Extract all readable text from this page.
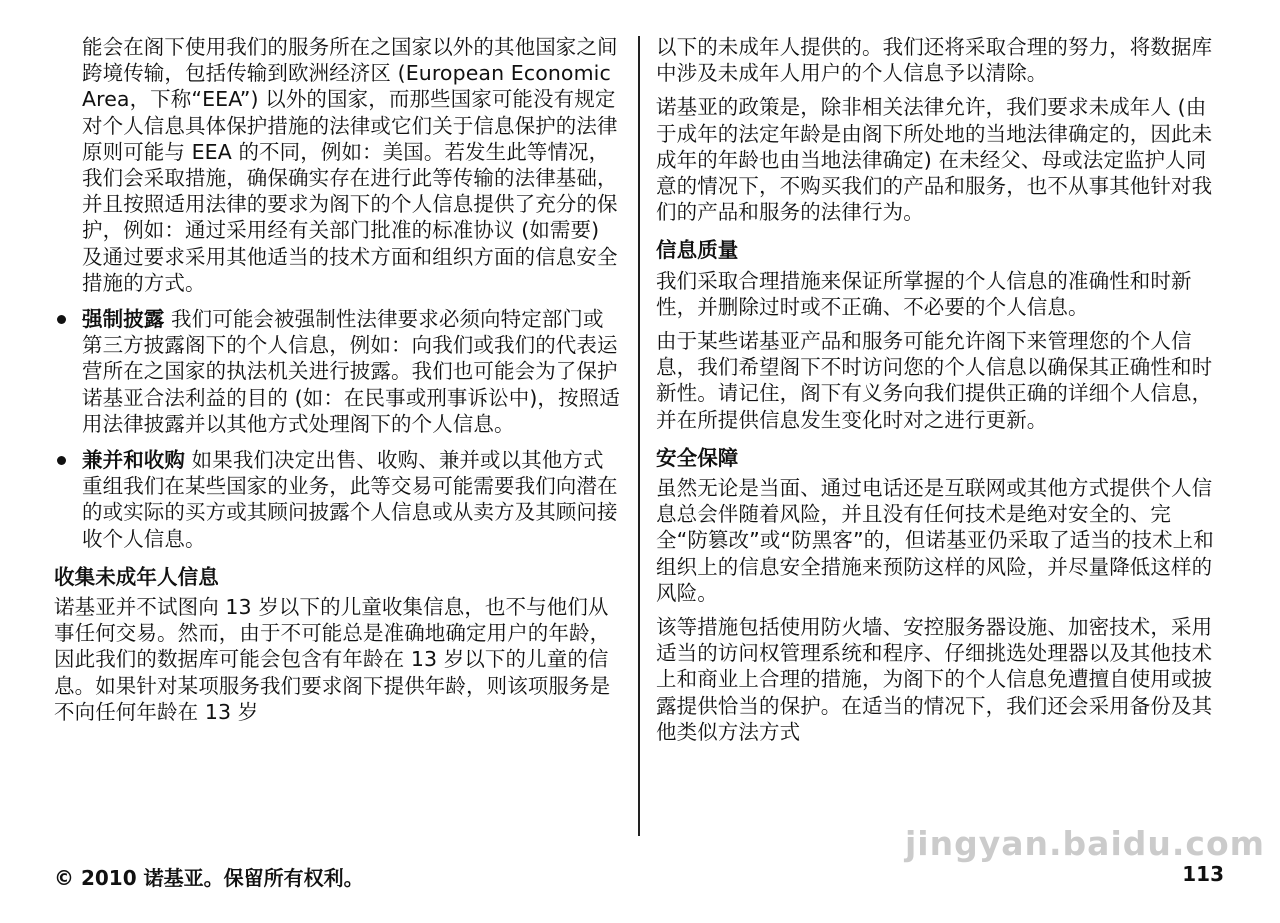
能会在阁下使用我们的服务所在之国家以外的其他国家之间跨境传输，包括传输到欧洲经济区 (European Economic Area，下称“EEA”) 以外的国家，而那些国家可能没有规定对个人信息具体保护措施的法律或它们关于信息保护的法律原则可能与 EEA 的不同，例如：美国。若发生此等情况，我们会采取措施，确保确实存在进行此等传输的法律基础，并且按照适用法律的要求为阁下的个人信息提供了充分的保护，例如：通过采用经有关部门批准的标准协议 (如需要) 及通过要求采用其他适当的技术方面和组织方面的信息安全措施的方式。

强制披露 我们可能会被强制性法律要求必须向特定部门或第三方披露阁下的个人信息，例如：向我们或我们的代表运营所在之国家的执法机关进行披露。我们也可能会为了保护诺基亚合法利益的目的 (如：在民事或刑事诉讼中)，按照适用法律披露并以其他方式处理阁下的个人信息。
兼并和收购 如果我们决定出售、收购、兼并或以其他方式重组我们在某些国家的业务，此等交易可能需要我们向潜在的或实际的买方或其顾问披露个人信息或从卖方及其顾问接收个人信息。
收集未成年人信息

诺基亚并不试图向 13 岁以下的儿童收集信息，也不与他们从事任何交易。然而，由于不可能总是准确地确定用户的年龄，因此我们的数据库可能会包含有年龄在 13 岁以下的儿童的信息。如果针对某项服务我们要求阁下提供年龄，则该项服务是不向任何年龄在 13 岁

以下的未成年人提供的。我们还将采取合理的努力，将数据库中涉及未成年人用户的个人信息予以清除。

诺基亚的政策是，除非相关法律允许，我们要求未成年人 (由于成年的法定年龄是由阁下所处地的当地法律确定的，因此未成年的年龄也由当地法律确定) 在未经父、母或法定监护人同意的情况下，不购买我们的产品和服务，也不从事其他针对我们的产品和服务的法律行为。

信息质量

我们采取合理措施来保证所掌握的个人信息的准确性和时新性，并删除过时或不正确、不必要的个人信息。

由于某些诺基亚产品和服务可能允许阁下来管理您的个人信息，我们希望阁下不时访问您的个人信息以确保其正确性和时新性。请记住，阁下有义务向我们提供正确的详细个人信息，并在所提供信息发生变化时对之进行更新。

安全保障

虽然无论是当面、通过电话还是互联网或其他方式提供个人信息总会伴随着风险，并且没有任何技术是绝对安全的、完全“防篡改”或“防黑客”的，但诺基亚仍采取了适当的技术上和组织上的信息安全措施来预防这样的风险，并尽量降低这样的风险。

该等措施包括使用防火墙、安控服务器设施、加密技术，采用适当的访问权管理系统和程序、仔细挑选处理器以及其他技术上和商业上合理的措施，为阁下的个人信息免遭擅自使用或披露提供恰当的保护。在适当的情况下，我们还会采用备份及其他类似方法方式

jingyan.baidu.com
© 2010 诺基亚。保留所有权利。	113
